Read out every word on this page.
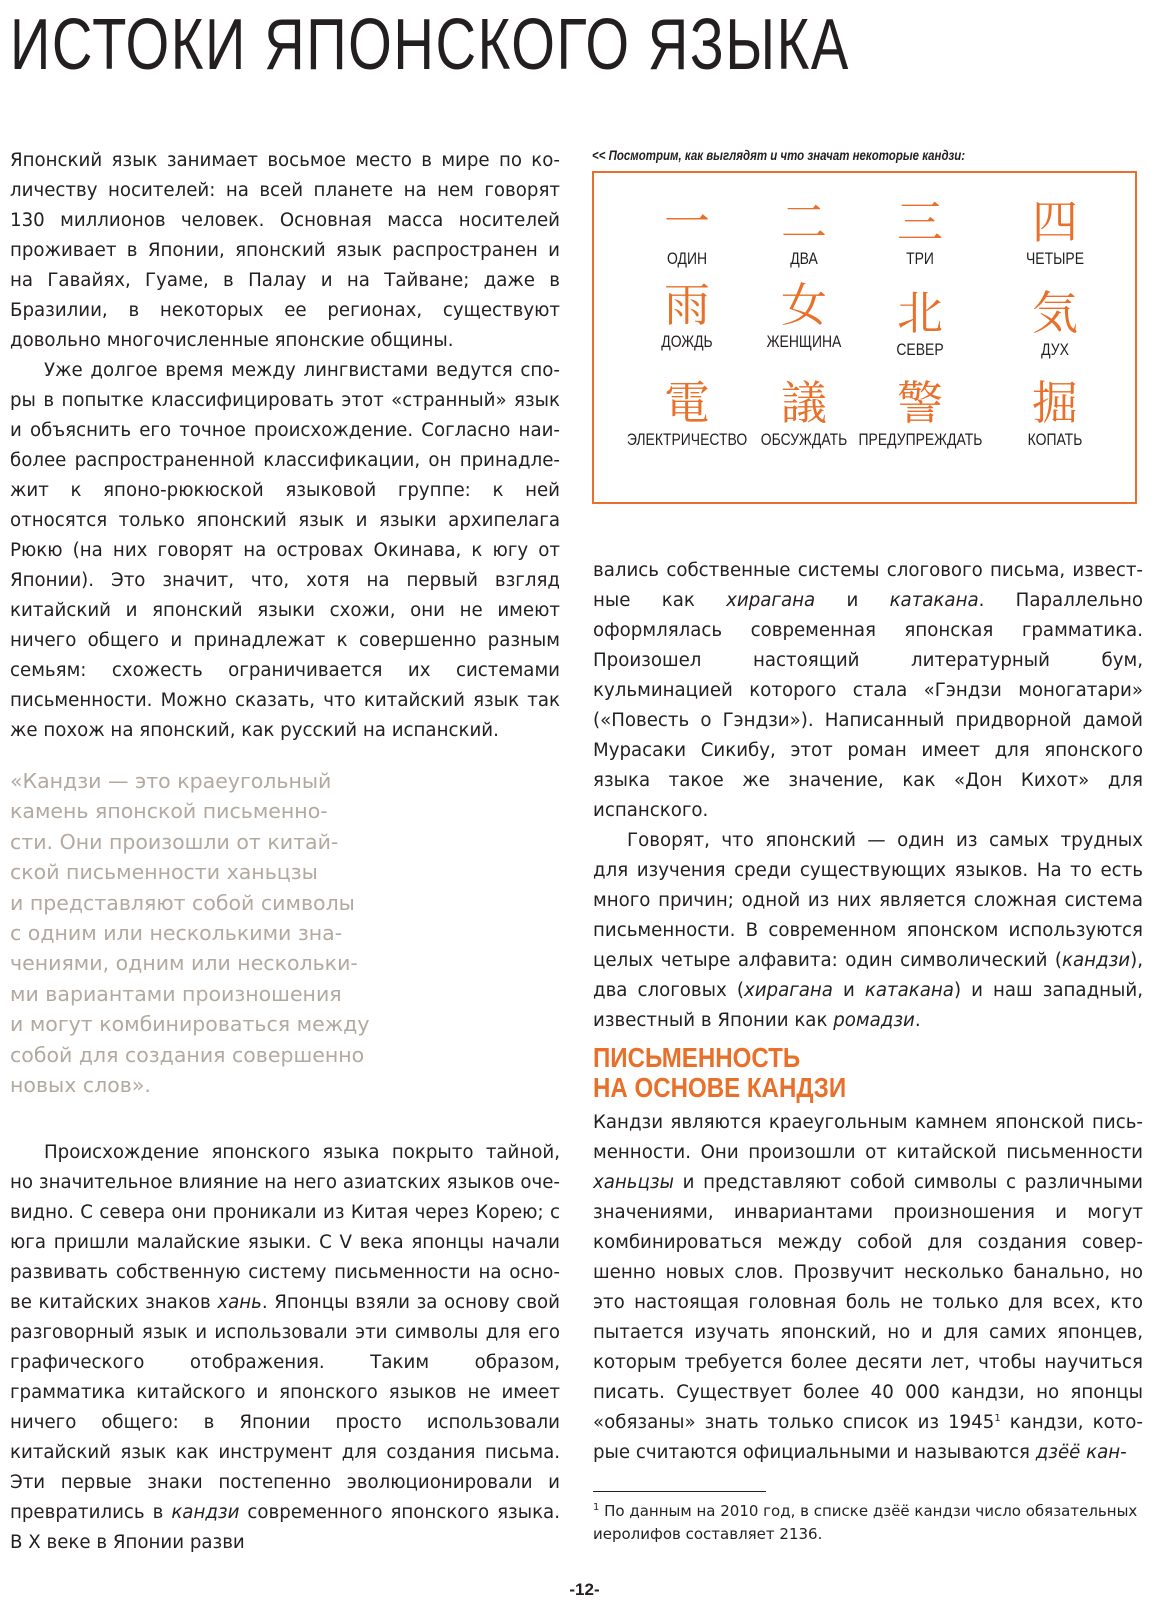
ИСТОКИ ЯПОНСКОГО ЯЗЫКА

Японский язык занимает восьмое место в мире по количеству носителей: на всей планете на нем говорят 130 миллионов человек. Основная масса носителей проживает в Японии, японский язык распространен и на Гавайях, Гуаме, в Палау и на Тайване; даже в Бразилии, в некоторых ее регионах, существуют довольно многочисленные японские общины.

Уже долгое время между лингвистами ведутся споры в попытке классифицировать этот «странный» язык и объяснить его точное происхождение. Согласно наиболее распространенной классификации, он принадлежит к японо-рюкюской языковой группе: к ней относятся только японский язык и языки архипелага Рюкю (на них говорят на островах Окинава, к югу от Японии). Это значит, что, хотя на первый взгляд китайский и японский языки схожи, они не имеют ничего общего и принадлежат к совершенно разным семьям: схожесть ограничивается их системами письменности. Можно сказать, что китайский язык так же похож на японский, как русский на испанский.

«Кандзи — это краеугольный
камень японской письменно-
сти. Они произошли от китай-
ской письменности ханьцзы
и представляют собой символы
с одним или несколькими зна-
чениями, одним или нескольки-
ми вариантами произношения
и могут комбинироваться между
собой для создания совершенно
новых слов».

Происхождение японского языка покрыто тайной, но значительное влияние на него азиатских языков очевидно. С севера они проникали из Китая через Корею; с юга пришли малайские языки. С V века японцы начали развивать собственную систему письменности на основе китайских знаков хань. Японцы взяли за основу свой разговорный язык и использовали эти символы для его графического отображения. Таким образом, грамматика китайского и японского языков не имеет ничего общего: в Японии просто использовали китайский язык как инструмент для создания письма. Эти первые знаки постепенно эволюционировали и превратились в кандзи современного японского языка. В X веке в Японии разви

<< Посмотрим, как выглядят и что значат некоторые кандзи:
一
ОДИН
二
ДВА
三
ТРИ
四
ЧЕТЫРЕ
雨
ДОЖДЬ
女
ЖЕНЩИНА
北
СЕВЕР
気
ДУХ
電
ЭЛЕКТРИЧЕСТВО
議
ОБСУЖДАТЬ
警
ПРЕДУПРЕЖДАТЬ
掘
КОПАТЬ

вались собственные системы слогового письма, известные как хирагана и катакана. Параллельно оформлялась современная японская грамматика. Произошел настоящий литературный бум, кульминацией которого стала «Гэндзи моногатари» («Повесть о Гэндзи»). Написанный придворной дамой Мурасаки Сикибу, этот роман имеет для японского языка такое же значение, как «Дон Кихот» для испанского.

Говорят, что японский — один из самых трудных для изучения среди существующих языков. На то есть много причин; одной из них является сложная система письменности. В современном японском используются целых четыре алфавита: один символический (кандзи), два слоговых (хирагана и катакана) и наш западный, известный в Японии как ромадзи.

ПИСЬМЕННОСТЬ
НА ОСНОВЕ КАНДЗИ

Кандзи являются краеугольным камнем японской письменности. Они произошли от китайской письменности ханьцзы и представляют собой символы с различными значениями, инвариантами произношения и могут комбинироваться между собой для создания совершенно новых слов. Прозвучит несколько банально, но это настоящая головная боль не только для всех, кто пытается изучать японский, но и для самих японцев, которым требуется более десяти лет, чтобы научиться писать. Существует более 40 000 кандзи, но японцы «обязаны» знать только список из 1945$^1$ кандзи, которые считаются официальными и называются дзёё кан-

$^1$ По данным на 2010 год, в списке дзёё кандзи число обязательных иеролифов составляет 2136.
-12-
